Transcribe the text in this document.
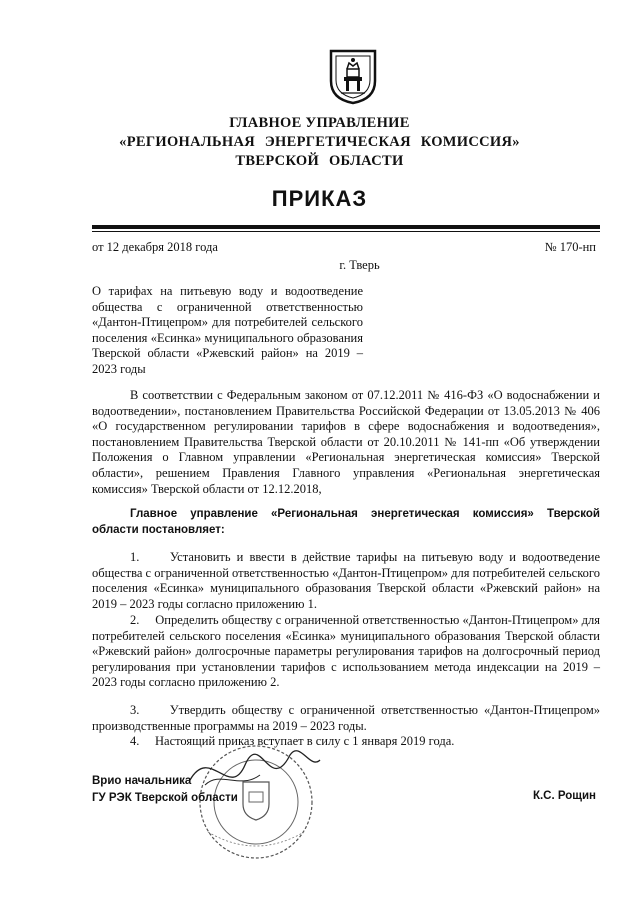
ГЛАВНОЕ УПРАВЛЕНИЕ
«РЕГИОНАЛЬНАЯ ЭНЕРГЕТИЧЕСКАЯ КОМИССИЯ»
ТВЕРСКОЙ ОБЛАСТИ
ПРИКАЗ
от 12 декабря 2018 года	№ 170-нп
г. Тверь
О тарифах на питьевую воду и водоотведение общества с ограниченной ответственностью «Дантон-Птицепром» для потребителей сельского поселения «Есинка» муниципального образования Тверской области «Ржевский район» на 2019 – 2023 годы
В соответствии с Федеральным законом от 07.12.2011 № 416-ФЗ «О водоснабжении и водоотведении», постановлением Правительства Российской Федерации от 13.05.2013 № 406 «О государственном регулировании тарифов в сфере водоснабжения и водоотведения», постановлением Правительства Тверской области от 20.10.2011 № 141-пп «Об утверждении Положения о Главном управлении «Региональная энергетическая комиссия» Тверской области», решением Правления Главного управления «Региональная энергетическая комиссия» Тверской области от 12.12.2018,
Главное управление «Региональная энергетическая комиссия» Тверской области постановляет:
1.     Установить и ввести в действие тарифы на питьевую воду и водоотведение общества с ограниченной ответственностью «Дантон-Птицепром» для потребителей сельского поселения «Есинка» муниципального образования Тверской области «Ржевский район» на 2019 – 2023 годы согласно приложению 1.
2.     Определить обществу с ограниченной ответственностью «Дантон-Птицепром» для потребителей сельского поселения «Есинка» муниципального образования Тверской области «Ржевский район» долгосрочные параметры регулирования тарифов на долгосрочный период регулирования при установлении тарифов с использованием метода индексации на 2019 – 2023 годы согласно приложению 2.
3.     Утвердить обществу с ограниченной ответственностью «Дантон-Птицепром» производственные программы на 2019 – 2023 годы.
4.     Настоящий приказ вступает в силу с 1 января 2019 года.
Врио начальника
ГУ РЭК Тверской области	К.С. Рощин
